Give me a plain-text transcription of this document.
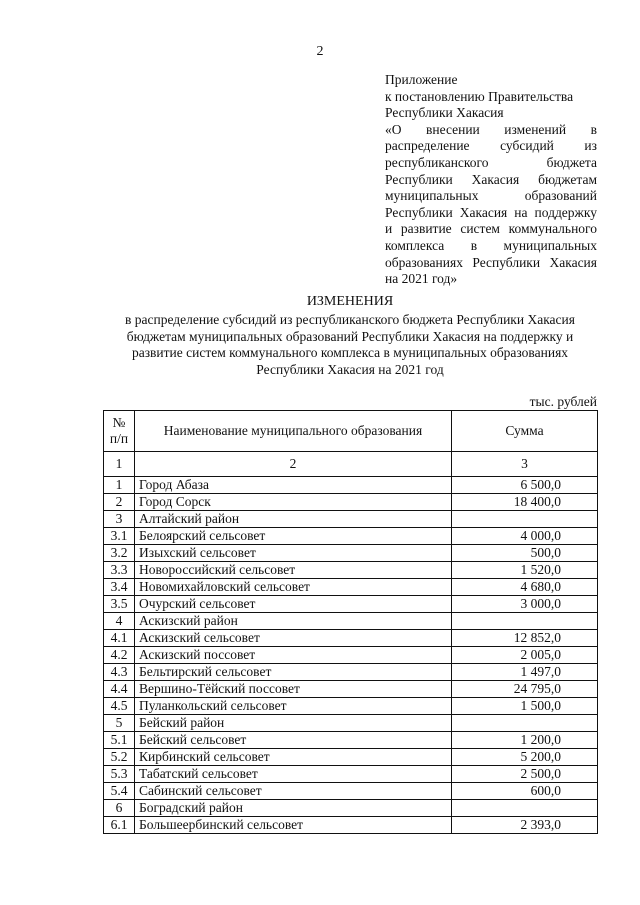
2
Приложение
к постановлению Правительства
Республики Хакасия
«О внесении изменений в
распределение субсидий из
республиканского бюджета
Республики Хакасия бюджетам
муниципальных образований
Республики Хакасия на поддержку
и развитие систем коммунального
комплекса в муниципальных
образованиях Республики Хакасия
на 2021 год»
ИЗМЕНЕНИЯ
в распределение субсидий из республиканского бюджета Республики Хакасия
бюджетам муниципальных образований Республики Хакасия на поддержку и
развитие систем коммунального комплекса в муниципальных образованиях
Республики Хакасия на 2021 год
тыс. рублей
№ п/п	Наименование муниципального образования	Сумма
1	2	3
1	Город Абаза	6 500,0
2	Город Сорск	18 400,0
3	Алтайский район	
3.1	Белоярский сельсовет	4 000,0
3.2	Изыхский сельсовет	500,0
3.3	Новороссийский сельсовет	1 520,0
3.4	Новомихайловский сельсовет	4 680,0
3.5	Очурский сельсовет	3 000,0
4	Аскизский район	
4.1	Аскизский сельсовет	12 852,0
4.2	Аскизский поссовет	2 005,0
4.3	Бельтирский сельсовет	1 497,0
4.4	Вершино-Тёйский поссовет	24 795,0
4.5	Пуланкольский сельсовет	1 500,0
5	Бейский район	
5.1	Бейский сельсовет	1 200,0
5.2	Кирбинский сельсовет	5 200,0
5.3	Табатский сельсовет	2 500,0
5.4	Сабинский сельсовет	600,0
6	Боградский район	
6.1	Большеербинский сельсовет	2 393,0
